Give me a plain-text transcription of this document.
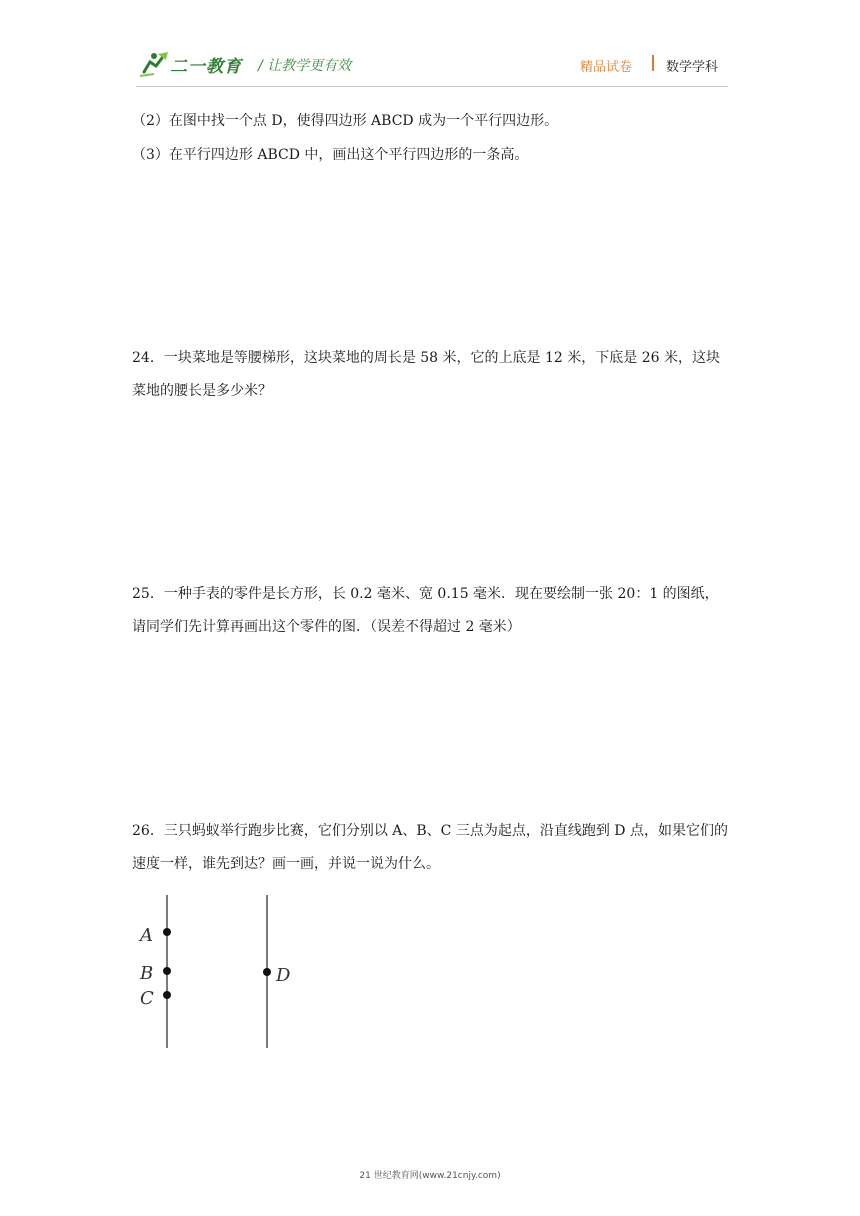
二一教育 / 让教学更有效	精品试卷	数学学科
（2）在图中找一个点 D，使得四边形 ABCD 成为一个平行四边形。
（3）在平行四边形 ABCD 中，画出这个平行四边形的一条高。
24．一块菜地是等腰梯形，这块菜地的周长是 58 米，它的上底是 12 米，下底是 26 米，这块菜地的腰长是多少米？
25．一种手表的零件是长方形，长 0.2 毫米、宽 0.15 毫米．现在要绘制一张 20：1 的图纸，请同学们先计算再画出这个零件的图．（误差不得超过 2 毫米）
26．三只蚂蚁举行跑步比赛，它们分别以 A、B、C 三点为起点，沿直线跑到 D 点，如果它们的速度一样，谁先到达？画一画，并说一说为什么。
A
B
C
D
21 世纪教育网(www.21cnjy.com)
